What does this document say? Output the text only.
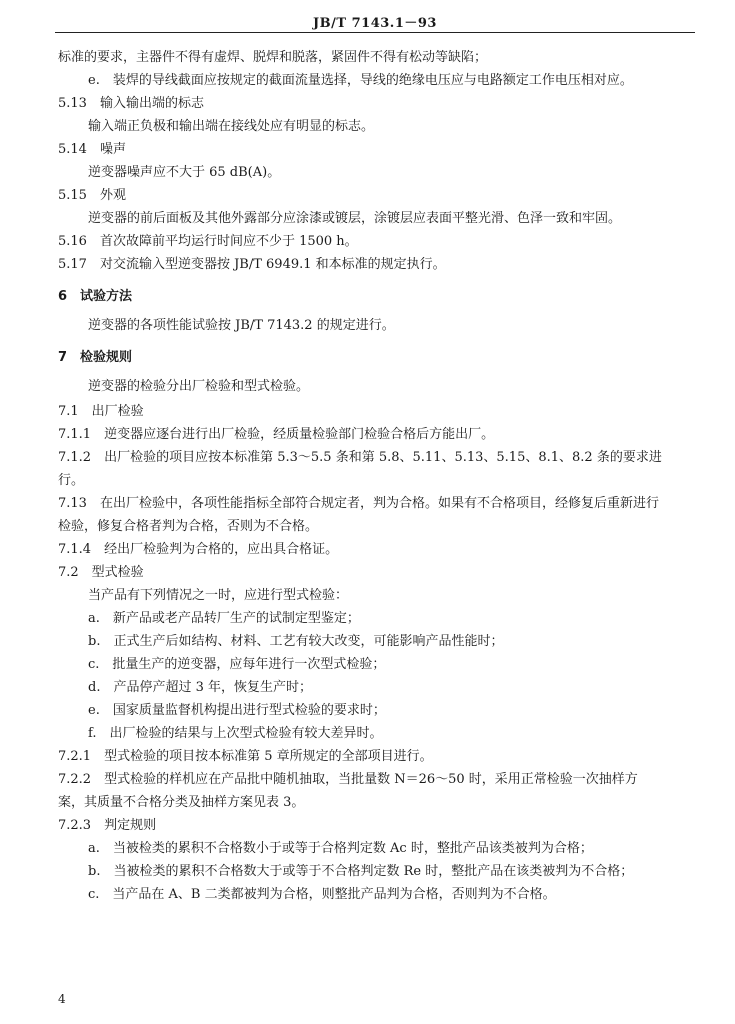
JB/T 7143.1－93
标准的要求，主器件不得有虚焊、脱焊和脱落，紧固件不得有松动等缺陷；
e.　装焊的导线截面应按规定的截面流量选择，导线的绝缘电压应与电路额定工作电压相对应。
5.13　输入输出端的标志
输入端正负极和输出端在接线处应有明显的标志。
5.14　噪声
逆变器噪声应不大于 65 dB(A)。
5.15　外观
逆变器的前后面板及其他外露部分应涂漆或镀层，涂镀层应表面平整光滑、色泽一致和牢固。
5.16　首次故障前平均运行时间应不少于 1500 h。
5.17　对交流输入型逆变器按 JB/T 6949.1 和本标准的规定执行。
6　试验方法
逆变器的各项性能试验按 JB/T 7143.2 的规定进行。
7　检验规则
逆变器的检验分出厂检验和型式检验。
7.1　出厂检验
7.1.1　逆变器应逐台进行出厂检验，经质量检验部门检验合格后方能出厂。
7.1.2　出厂检验的项目应按本标准第 5.3～5.5 条和第 5.8、5.11、5.13、5.15、8.1、8.2 条的要求进
行。
7.13　在出厂检验中，各项性能指标全部符合规定者，判为合格。如果有不合格项目，经修复后重新进行
检验，修复合格者判为合格，否则为不合格。
7.1.4　经出厂检验判为合格的，应出具合格证。
7.2　型式检验
当产品有下列情况之一时，应进行型式检验：
a.　新产品或老产品转厂生产的试制定型鉴定；
b.　正式生产后如结构、材料、工艺有较大改变，可能影响产品性能时；
c.　批量生产的逆变器，应每年进行一次型式检验；
d.　产品停产超过 3 年，恢复生产时；
e.　国家质量监督机构提出进行型式检验的要求时；
f.　出厂检验的结果与上次型式检验有较大差异时。
7.2.1　型式检验的项目按本标准第 5 章所规定的全部项目进行。
7.2.2　型式检验的样机应在产品批中随机抽取，当批量数 N＝26～50 时，采用正常检验一次抽样方
案，其质量不合格分类及抽样方案见表 3。
7.2.3　判定规则
a.　当被检类的累积不合格数小于或等于合格判定数 Ac 时，整批产品该类被判为合格；
b.　当被检类的累积不合格数大于或等于不合格判定数 Re 时，整批产品在该类被判为不合格；
c.　当产品在 A、B 二类都被判为合格，则整批产品判为合格，否则判为不合格。
4
